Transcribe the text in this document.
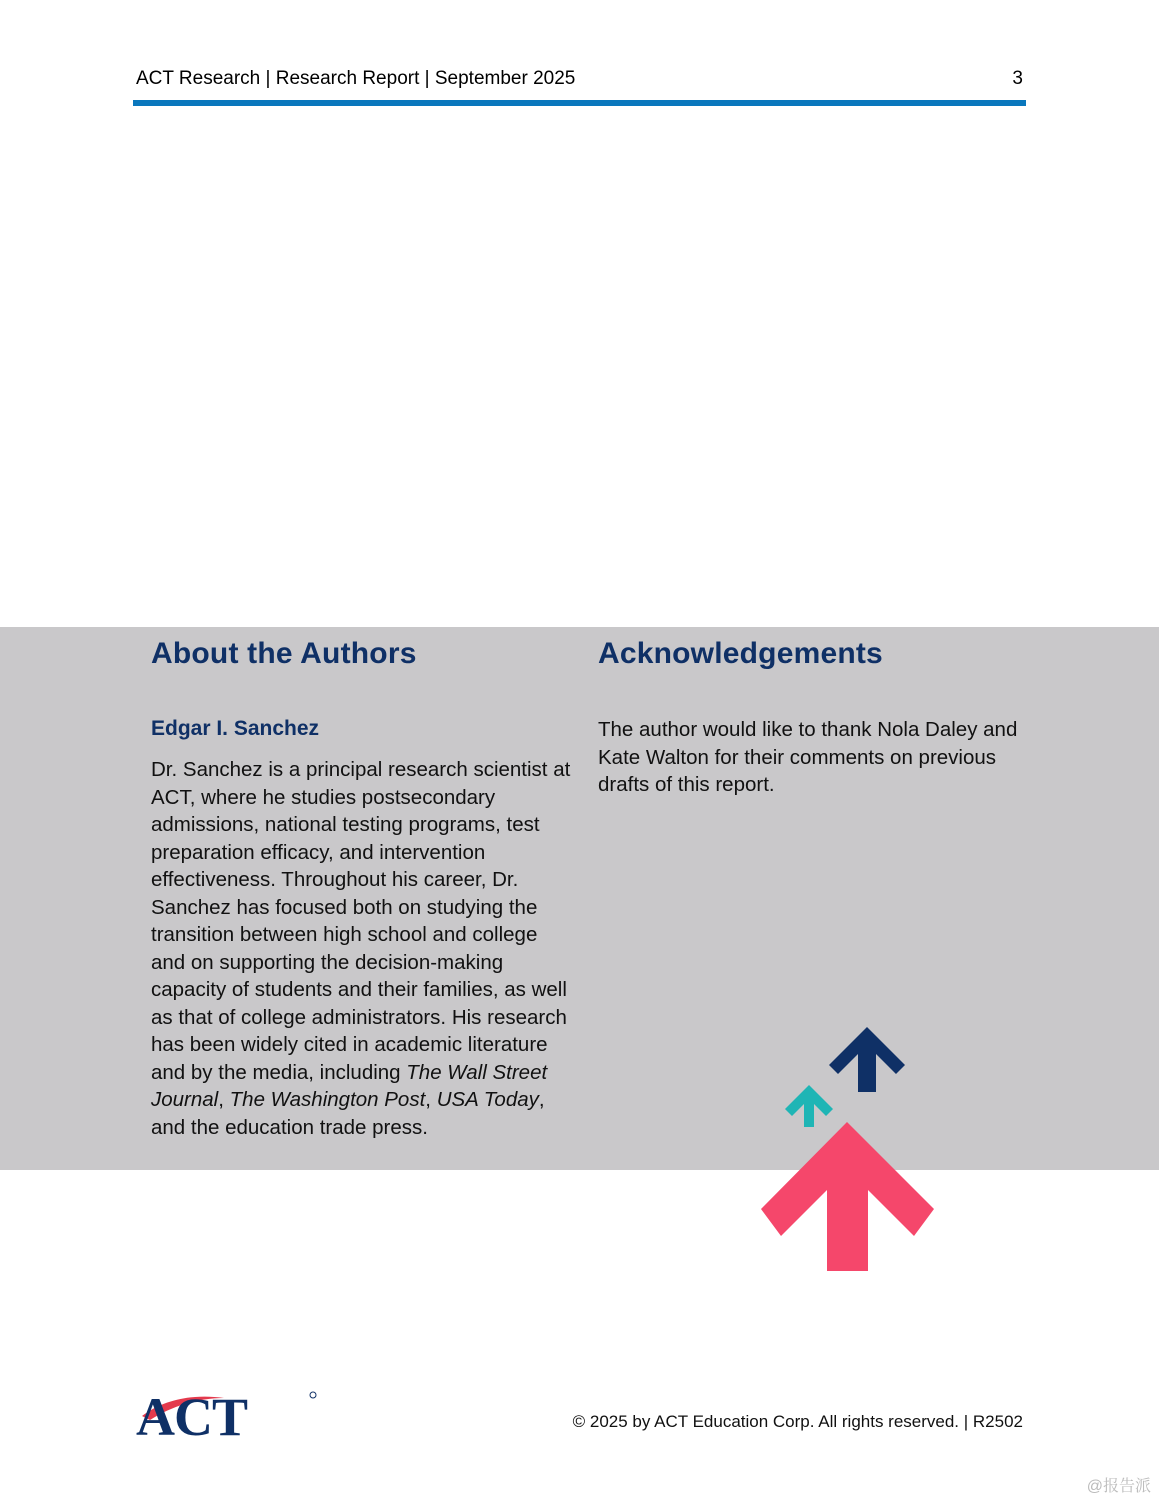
ACT Research | Research Report | September 2025	3
About the Authors
Edgar I. Sanchez
Dr. Sanchez is a principal research scientist at ACT, where he studies postsecondary admissions, national testing programs, test preparation efficacy, and intervention effectiveness. Throughout his career, Dr. Sanchez has focused both on studying the transition between high school and college and on supporting the decision-making capacity of students and their families, as well as that of college administrators. His research has been widely cited in academic literature and by the media, including The Wall Street Journal, The Washington Post, USA Today, and the education trade press.
Acknowledgements
The author would like to thank Nola Daley and Kate Walton for their comments on previous drafts of this report.
ACT	© 2025 by ACT Education Corp. All rights reserved. | R2502
@报告派
